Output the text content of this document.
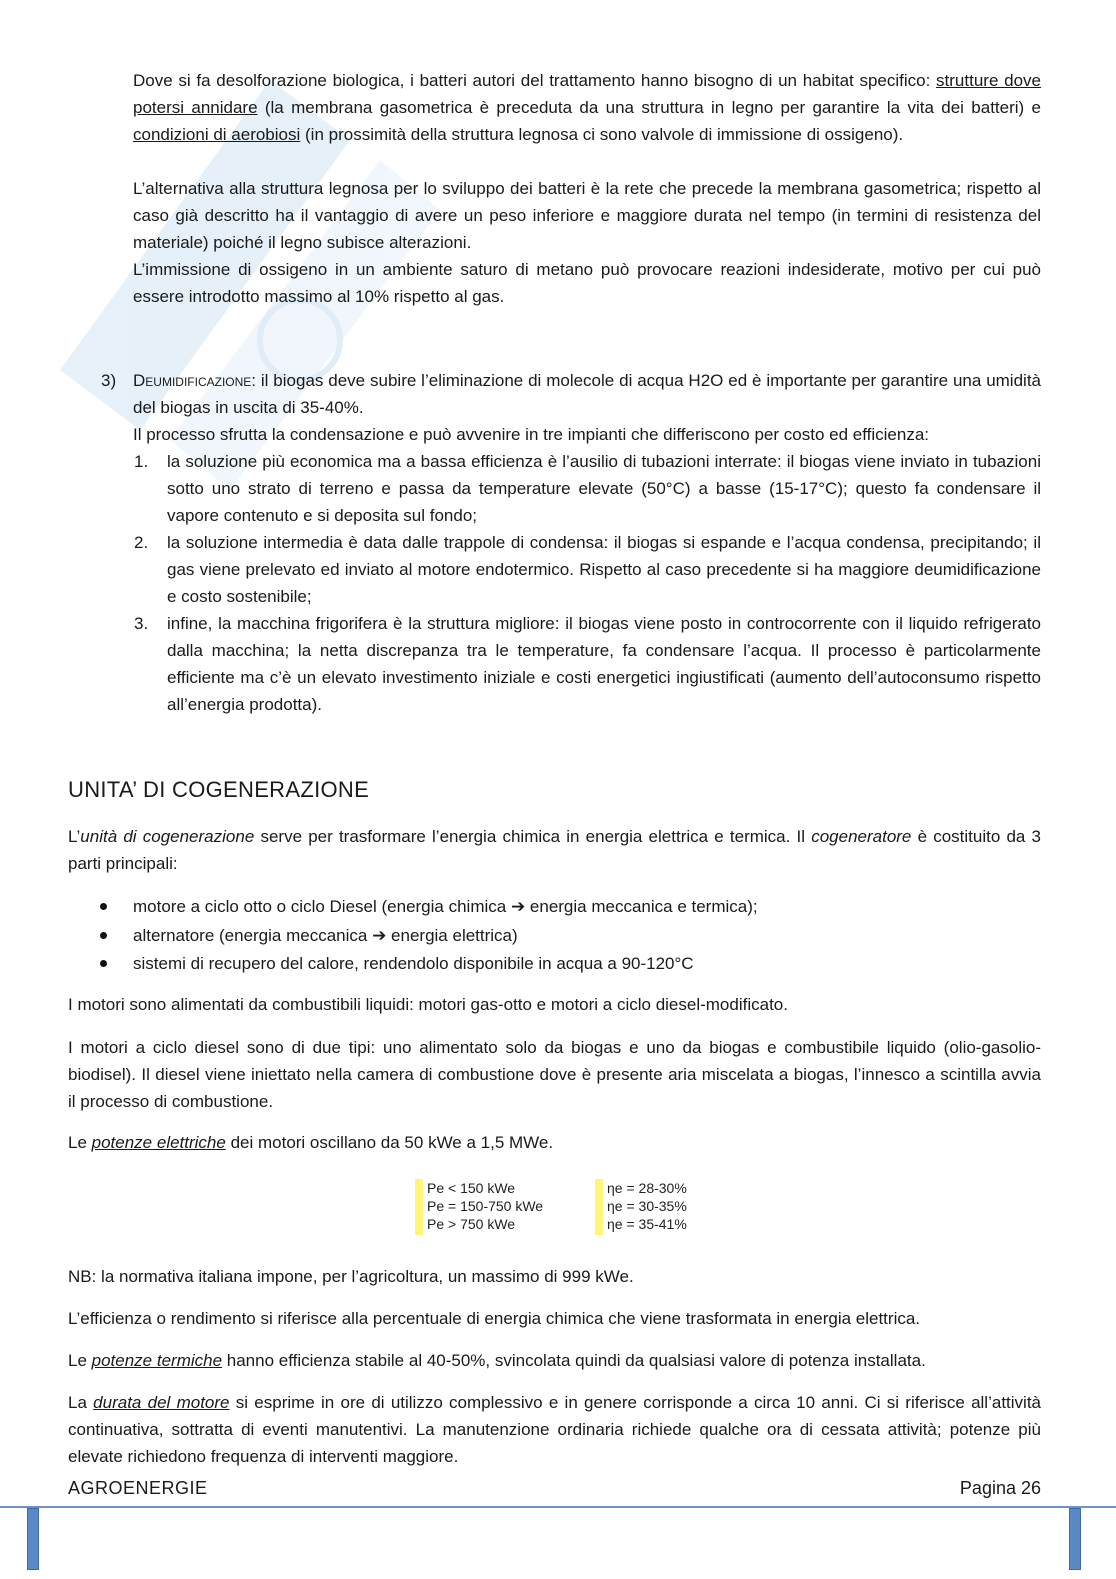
Dove si fa desolforazione biologica, i batteri autori del trattamento hanno bisogno di un habitat specifico: strutture dove potersi annidare (la membrana gasometrica è preceduta da una struttura in legno per garantire la vita dei batteri) e condizioni di aerobiosi (in prossimità della struttura legnosa ci sono valvole di immissione di ossigeno).

L’alternativa alla struttura legnosa per lo sviluppo dei batteri è la rete che precede la membrana gasometrica; rispetto al caso già descritto ha il vantaggio di avere un peso inferiore e maggiore durata nel tempo (in termini di resistenza del materiale) poiché il legno subisce alterazioni.

L’immissione di ossigeno in un ambiente saturo di metano può provocare reazioni indesiderate, motivo per cui può essere introdotto massimo al 10% rispetto al gas.

3) Deumidificazione: il biogas deve subire l’eliminazione di molecole di acqua H2O ed è importante per garantire una umidità del biogas in uscita di 35-40%.

Il processo sfrutta la condensazione e può avvenire in tre impianti che differiscono per costo ed efficienza:

1. la soluzione più economica ma a bassa efficienza è l’ausilio di tubazioni interrate: il biogas viene inviato in tubazioni sotto uno strato di terreno e passa da temperature elevate (50°C) a basse (15-17°C); questo fa condensare il vapore contenuto e si deposita sul fondo;

2. la soluzione intermedia è data dalle trappole di condensa: il biogas si espande e l’acqua condensa, precipitando; il gas viene prelevato ed inviato al motore endotermico. Rispetto al caso precedente si ha maggiore deumidificazione e costo sostenibile;

3. infine, la macchina frigorifera è la struttura migliore: il biogas viene posto in controcorrente con il liquido refrigerato dalla macchina; la netta discrepanza tra le temperature, fa condensare l’acqua. Il processo è particolarmente efficiente ma c’è un elevato investimento iniziale e costi energetici ingiustificati (aumento dell’autoconsumo rispetto all’energia prodotta).

UNITA’ DI COGENERAZIONE

L’unità di cogenerazione serve per trasformare l’energia chimica in energia elettrica e termica. Il cogeneratore è costituito da 3 parti principali:

motore a ciclo otto o ciclo Diesel (energia chimica ➔ energia meccanica e termica);

alternatore (energia meccanica ➔ energia elettrica)

sistemi di recupero del calore, rendendolo disponibile in acqua a 90-120°C

I motori sono alimentati da combustibili liquidi: motori gas-otto e motori a ciclo diesel-modificato.

I motori a ciclo diesel sono di due tipi: uno alimentato solo da biogas e uno da biogas e combustibile liquido (olio-gasolio-biodisel). Il diesel viene iniettato nella camera di combustione dove è presente aria miscelata a biogas, l’innesco a scintilla avvia il processo di combustione.

Le potenze elettriche dei motori oscillano da 50 kWe a 1,5 MWe.

Pe < 150 kWe
Pe = 150-750 kWe
Pe > 750 kWe
ηe = 28-30%
ηe = 30-35%
ηe = 35-41%

NB: la normativa italiana impone, per l’agricoltura, un massimo di 999 kWe.

L’efficienza o rendimento si riferisce alla percentuale di energia chimica che viene trasformata in energia elettrica.

Le potenze termiche hanno efficienza stabile al 40-50%, svincolata quindi da qualsiasi valore di potenza installata.

La durata del motore si esprime in ore di utilizzo complessivo e in genere corrisponde a circa 10 anni. Ci si riferisce all’attività continuativa, sottratta di eventi manutentivi. La manutenzione ordinaria richiede qualche ora di cessata attività; potenze più elevate richiedono frequenza di interventi maggiore.

AGROENERGIE	Pagina 26
